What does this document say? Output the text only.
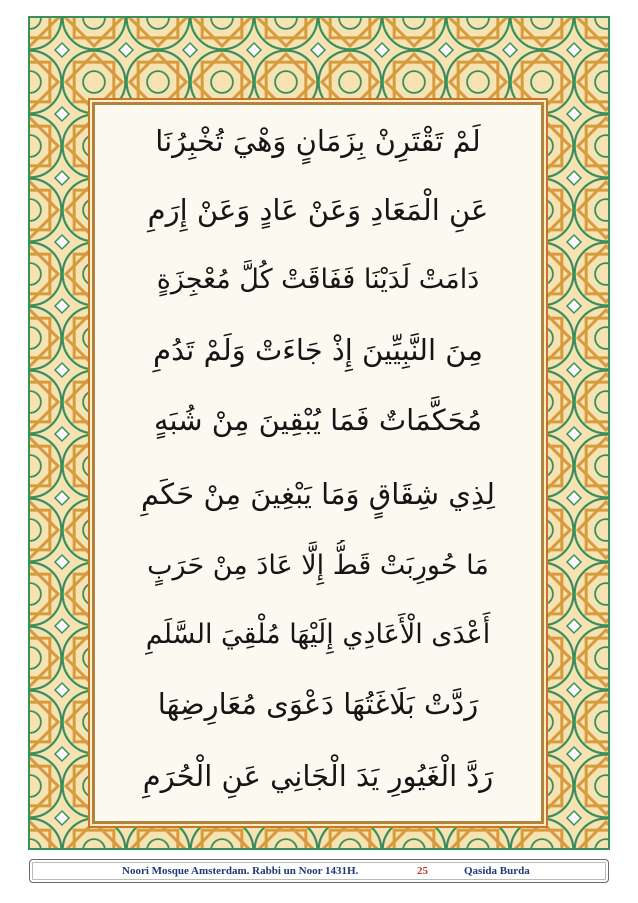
لَمْ تَقْتَرِنْ بِزَمَانٍ وَهْيَ تُخْبِرُنَا
عَنِ الْمَعَادِ وَعَنْ عَادٍ وَعَنْ إِرَمِ
دَامَتْ لَدَيْنَا فَفَاقَتْ كُلَّ مُعْجِزَةٍ
مِنَ النَّبِيِّينَ إِذْ جَاءَتْ وَلَمْ تَدُمِ
مُحَكَّمَاتٌ فَمَا يُبْقِينَ مِنْ شُبَهٍ
لِذِي شِقَاقٍ وَمَا يَبْغِينَ مِنْ حَكَمِ
مَا حُورِبَتْ قَطُّ إِلَّا عَادَ مِنْ حَرَبٍ
أَعْدَى الْأَعَادِي إِلَيْهَا مُلْقِيَ السَّلَمِ
رَدَّتْ بَلَاغَتُهَا دَعْوَى مُعَارِضِهَا
رَدَّ الْغَيُورِ يَدَ الْجَانِي عَنِ الْحُرَمِ
Noori Mosque Amsterdam. Rabbi un Noor 1431H.	25	Qasida Burda
